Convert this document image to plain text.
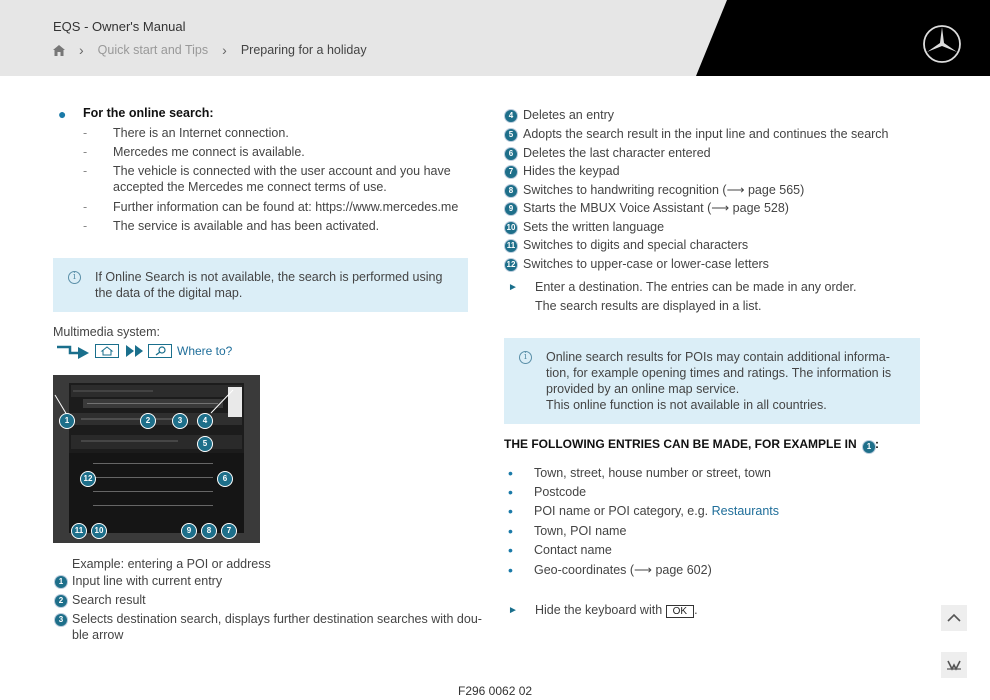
EQS - Owner's Manual
› Quick start and Tips › Preparing for a holiday
● For the online search:
- There is an Internet connection.
- Mercedes me connect is available.
- The vehicle is connected with the user account and you have
accepted the Mercedes me connect terms of use.
- Further information can be found at: https://www.mercedes.me
- The service is available and has been activated.
i	If Online Search is not available, the search is performed using
the data of the digital map.
Multimedia system:
Where to?
1	2	3	4
5
6
12
11	10	9	8	7
Example: entering a POI or address
1 Input line with current entry
2 Search result
3 Selects destination search, displays further destination searches with dou-
ble arrow
4 Deletes an entry
5 Adopts the search result in the input line and continues the search
6 Deletes the last character entered
7 Hides the keypad
8 Switches to handwriting recognition (⟶ page 565)
9 Starts the MBUX Voice Assistant (⟶ page 528)
10 Sets the written language
11 Switches to digits and special characters
12 Switches to upper-case or lower-case letters
► Enter a destination. The entries can be made in any order.
The search results are displayed in a list.
i	Online search results for POIs may contain additional informa-
tion, for example opening times and ratings. The information is
provided by an online map service.
This online function is not available in all countries.
THE FOLLOWING ENTRIES CAN BE MADE, FOR EXAMPLE IN 1 :
• Town, street, house number or street, town
• Postcode
• POI name or POI category, e.g. Restaurants
• Town, POI name
• Contact name
• Geo-coordinates (⟶ page 602)
► Hide the keyboard with OK .
F296 0062 02
